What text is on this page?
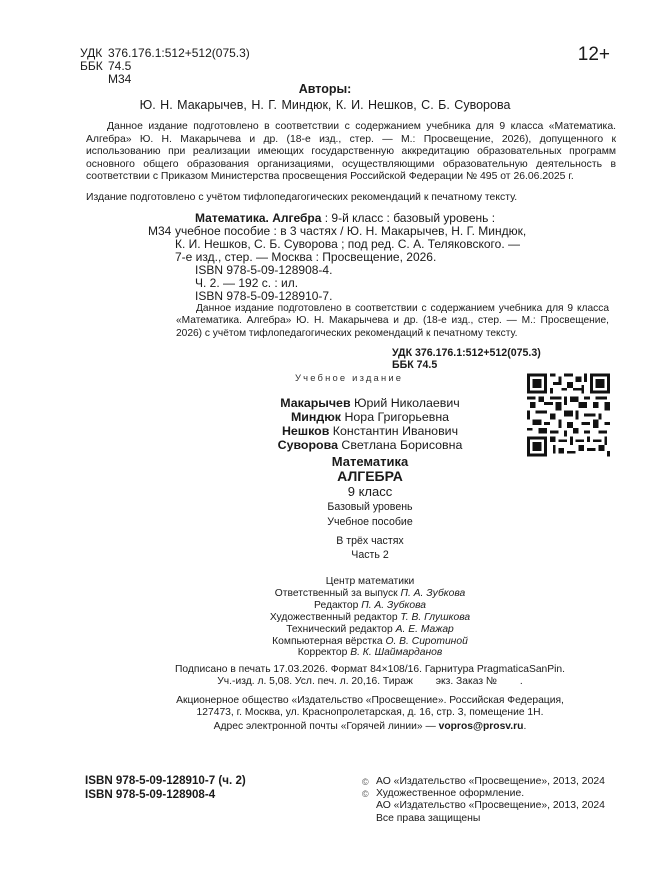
УДК 376.176.1:512+512(075.3)
ББК 74.5
М34
12+
Авторы:
Ю. Н. Макарычев, Н. Г. Миндюк, К. И. Нешков, С. Б. Суворова

Данное издание подготовлено в соответствии с содержанием учебника для 9 класса «Математика. Алгебра» Ю. Н. Макарычева и др. (18-е изд., стер. — М.: Просвещение, 2026), допущенного к использованию при реализации имеющих государственную аккредитацию образовательных программ основного общего образования организациями, осуществляющими образовательную деятельность в соответствии с Приказом Министерства просвещения Российской Федерации № 495 от 26.06.2025 г.

Издание подготовлено с учётом тифлопедагогических рекомендаций к печатному тексту.
М34
Математика. Алгебра : 9-й класс : базовый уровень :
учебное пособие : в 3 частях / Ю. Н. Макарычев, Н. Г. Миндюк,
К. И. Нешков, С. Б. Суворова ; под ред. С. А. Теляковского. —
7-е изд., стер. — Москва : Просвещение, 2026.
ISBN 978-5-09-128908-4.
Ч. 2. — 192 с. : ил.
ISBN 978-5-09-128910-7.

Данное издание подготовлено в соответствии с содержанием учебника для 9 класса «Математика. Алгебра» Ю. Н. Макарычева и др. (18-е изд., стер. — М.: Просвещение, 2026) с учётом тифлопедагогических рекомендаций к печатному тексту.

УДК 376.176.1:512+512(075.3)
ББК 74.5
Учебное издание
Макарычев Юрий Николаевич
Миндюк Нора Григорьевна
Нешков Константин Иванович
Суворова Светлана Борисовна
Математика
АЛГЕБРА
9 класс
Базовый уровень
Учебное пособие
В трёх частях
Часть 2
Центр математики
Ответственный за выпуск П. А. Зубкова
Редактор П. А. Зубкова
Художественный редактор Т. В. Глушкова
Технический редактор А. Е. Мажар
Компьютерная вёрстка О. В. Сиротиной
Корректор В. К. Шаймарданов
Подписано в печать 17.03.2026. Формат 84×108/16. Гарнитура PragmaticaSanPin.
Уч.-изд. л. 5,08. Усл. печ. л. 20,16. Тираж        экз. Заказ №        .
Акционерное общество «Издательство «Просвещение». Российская Федерация,
127473, г. Москва, ул. Краснопролетарская, д. 16, стр. 3, помещение 1Н.
Адрес электронной почты «Горячей линии» — vopros@prosv.ru.
ISBN 978-5-09-128910-7 (ч. 2)
ISBN 978-5-09-128908-4
© АО «Издательство «Просвещение», 2013, 2024
© Художественное оформление.
АО «Издательство «Просвещение», 2013, 2024
Все права защищены
